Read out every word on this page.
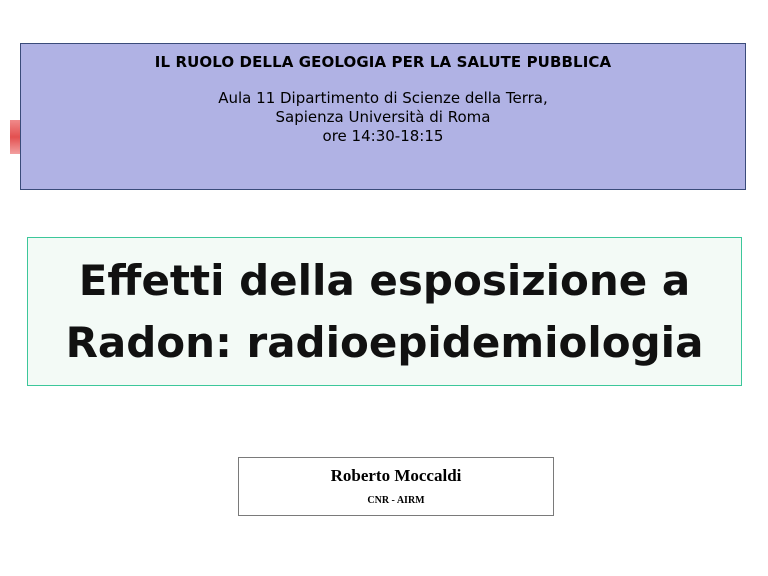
IL RUOLO DELLA GEOLOGIA PER LA SALUTE PUBBLICA
Aula 11 Dipartimento di Scienze della Terra,
Sapienza Università di Roma
ore 14:30-18:15
Effetti della esposizione a
Radon: radioepidemiologia
Roberto Moccaldi
CNR - AIRM
